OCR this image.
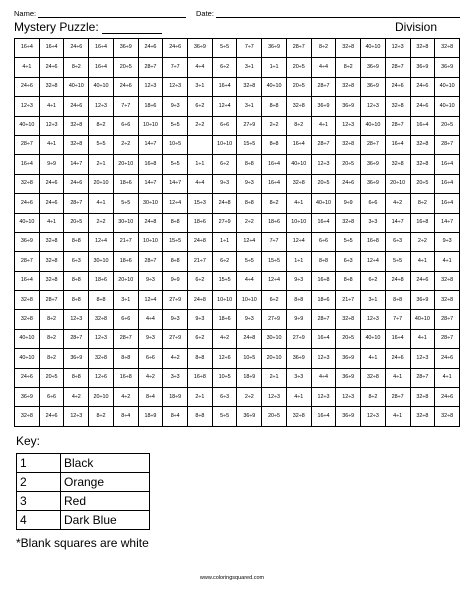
Name:	Date:
Mystery Puzzle:	Division
16÷4	16÷4	24÷6	16÷4	36÷9	24÷6	24÷6	36÷9	5÷5	7÷7	36÷9	28÷7	8÷2	32÷8	40÷10	12÷3	32÷8	32÷8
4÷1	24÷6	8÷2	16÷4	20÷5	28÷7	7÷7	4÷4	6÷2	3÷1	1÷1	20÷5	4÷4	8÷2	36÷9	28÷7	36÷9	36÷9
24÷6	32÷8	40÷10	40÷10	24÷6	12÷3	12÷3	3÷1	16÷4	32÷8	40÷10	20÷5	28÷7	32÷8	36÷9	24÷6	24÷6	40÷10
12÷3	4÷1	24÷6	12÷3	7÷7	18÷6	9÷3	6÷2	12÷4	3÷1	8÷8	32÷8	36÷9	36÷9	12÷3	32÷8	24÷6	40÷10
40÷10	12÷3	32÷8	8÷2	6÷6	10÷10	5÷5	2÷2	6÷6	27÷9	2÷2	8÷2	4÷1	12÷3	40÷10	28÷7	16÷4	20÷5
28÷7	4÷1	32÷8	5÷5	2÷2	14÷7	10÷5		10÷10	15÷5	8÷8	16÷4	28÷7	32÷8	28÷7	16÷4	32÷8	28÷7
16÷4	9÷9	14÷7	2÷1	20÷10	16÷8	5÷5	1÷1	6÷2	8÷8	16÷4	40÷10	12÷3	20÷5	36÷9	32÷8	32÷8	16÷4
32÷8	24÷6	24÷6	20÷10	18÷6	14÷7	14÷7	4÷4	9÷3	9÷3	16÷4	32÷8	20÷5	24÷6	36÷9	20÷10	20÷5	16÷4
24÷6	24÷6	28÷7	4÷1	5÷5	30÷10	12÷4	15÷3	24÷8	8÷8	8÷2	4÷1	40÷10	9÷9	6÷6	4÷2	8÷2	16÷4
40÷10	4÷1	20÷5	2÷2	30÷10	24÷8	8÷8	18÷6	27÷9	2÷2	18÷6	10÷10	16÷4	32÷8	3÷3	14÷7	16÷8	14÷7
36÷9	32÷8	8÷8	12÷4	21÷7	10÷10	15÷5	24÷8	1÷1	12÷4	7÷7	12÷4	6÷6	5÷5	16÷8	6÷3	2÷2	9÷3
28÷7	32÷8	6÷3	30÷10	18÷6	28÷7	8÷8	21÷7	6÷2	5÷5	15÷5	1÷1	8÷8	6÷3	12÷4	5÷5	4÷1	4÷1
16÷4	32÷8	8÷8	18÷6	20÷10	9÷3	9÷9	6÷2	15÷5	4÷4	12÷4	9÷3	16÷8	8÷8	6÷2	24÷8	24÷6	32÷8
32÷8	28÷7	8÷8	8÷8	3÷1	12÷4	27÷9	24÷8	10÷10	10÷10	6÷2	8÷8	18÷6	21÷7	3÷1	8÷8	36÷9	32÷8
32÷8	8÷2	12÷3	32÷8	6÷6	4÷4	9÷3	9÷3	18÷6	9÷3	27÷9	9÷9	28÷7	32÷8	12÷3	7÷7	40÷10	28÷7
40÷10	8÷2	28÷7	12÷3	28÷7	9÷3	27÷9	6÷2	4÷2	24÷8	30÷10	27÷9	16÷4	20÷5	40÷10	16÷4	4÷1	28÷7
40÷10	8÷2	36÷9	32÷8	8÷8	6÷6	4÷2	8÷8	12÷6	10÷5	20÷10	36÷9	12÷3	36÷9	4÷1	24÷6	12÷3	24÷6
24÷6	20÷5	8÷8	12÷6	16÷8	4÷2	3÷3	16÷8	10÷5	18÷9	2÷1	3÷3	4÷4	36÷9	32÷8	4÷1	28÷7	4÷1
36÷9	6÷6	4÷2	20÷10	4÷2	8÷4	18÷9	2÷1	6÷3	2÷2	12÷3	4÷1	12÷3	12÷3	8÷2	28÷7	32÷8	24÷6
32÷8	24÷6	12÷3	8÷2	8÷4	18÷9	8÷4	8÷8	5÷5	36÷9	20÷5	32÷8	16÷4	36÷9	12÷3	4÷1	32÷8	32÷8
Key:
1	Black
2	Orange
3	Red
4	Dark Blue
*Blank squares are white
www.coloringsquared.com
